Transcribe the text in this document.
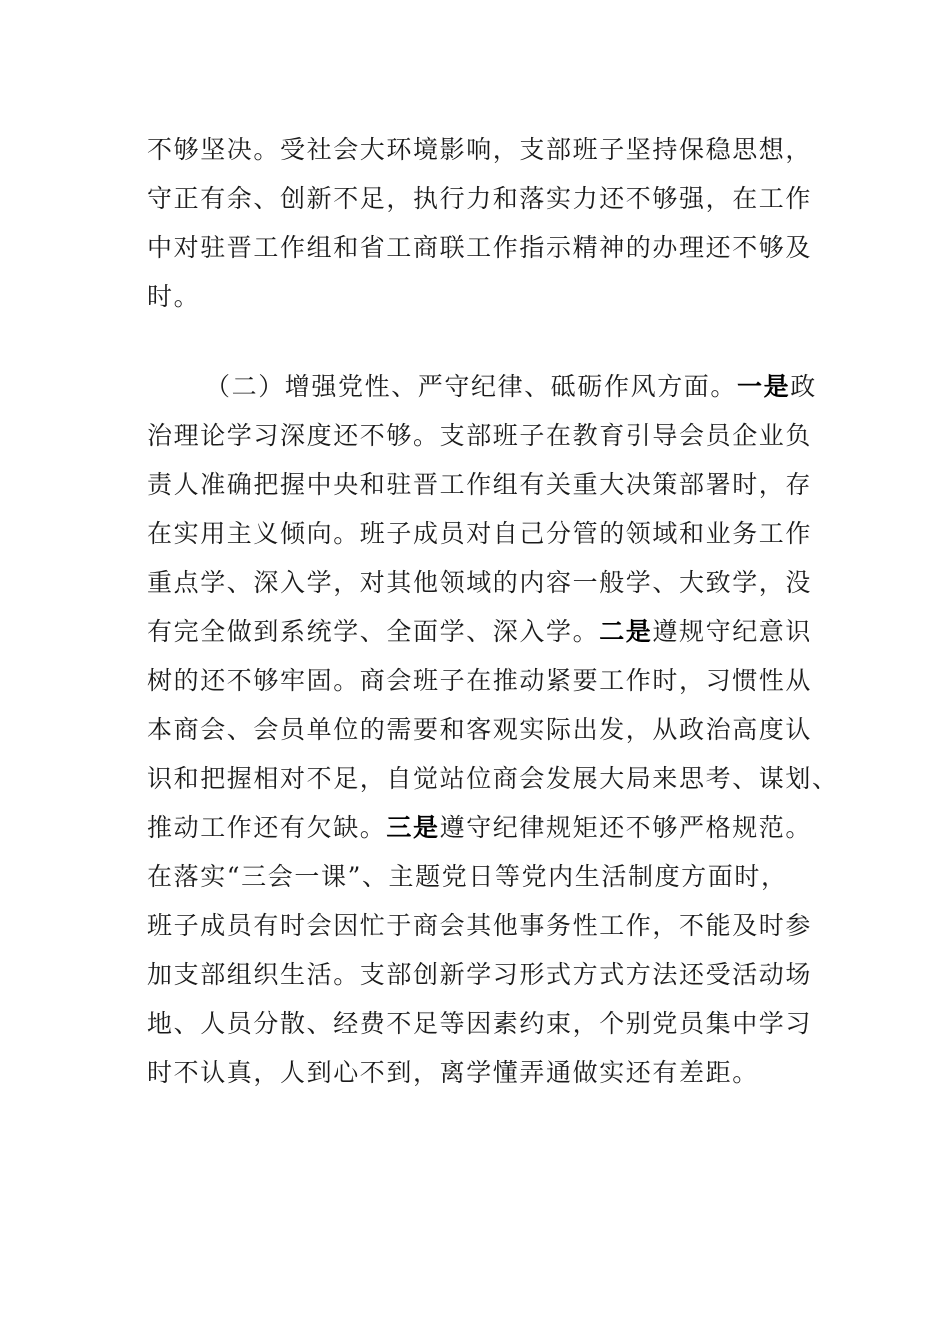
不够坚决。受社会大环境影响，支部班子坚持保稳思想，
守正有余、创新不足，执行力和落实力还不够强，在工作
中对驻晋工作组和省工商联工作指示精神的办理还不够及
时。
（二）增强党性、严守纪律、砥砺作风方面。一是政
治理论学习深度还不够。支部班子在教育引导会员企业负
责人准确把握中央和驻晋工作组有关重大决策部署时，存
在实用主义倾向。班子成员对自己分管的领域和业务工作
重点学、深入学，对其他领域的内容一般学、大致学，没
有完全做到系统学、全面学、深入学。二是遵规守纪意识
树的还不够牢固。商会班子在推动紧要工作时，习惯性从
本商会、会员单位的需要和客观实际出发，从政治高度认
识和把握相对不足，自觉站位商会发展大局来思考、谋划、
推动工作还有欠缺。三是遵守纪律规矩还不够严格规范。
在落实“三会一课”、主题党日等党内生活制度方面时，
班子成员有时会因忙于商会其他事务性工作，不能及时参
加支部组织生活。支部创新学习形式方式方法还受活动场
地、人员分散、经费不足等因素约束，个别党员集中学习
时不认真，人到心不到，离学懂弄通做实还有差距。
